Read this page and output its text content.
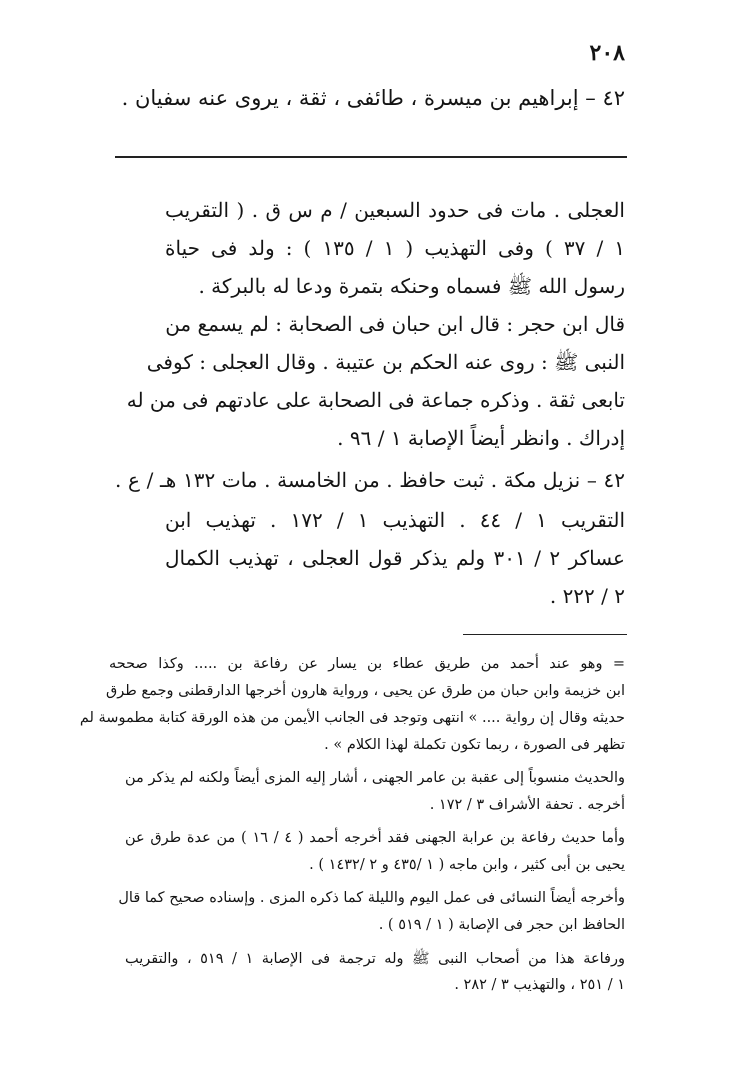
٢٠٨
٤٢ – إبراهيم بن ميسرة ، طائفى ، ثقة ، يروى عنه سفيان .
العجلى . مات فى حدود السبعين / م س ق . ( التقريب
١ / ٣٧ ) وفى التهذيب ( ١ / ١٣٥ ) : ولد فى حياة
رسول الله ﷺ فسماه وحنكه بتمرة ودعا له بالبركة .
قال ابن حجر : قال ابن حبان فى الصحابة : لم يسمع من
النبى ﷺ : روى عنه الحكم بن عتيبة . وقال العجلى : كوفى
تابعى ثقة . وذكره جماعة فى الصحابة على عادتهم فى من له
إدراك . وانظر أيضاً الإصابة ١ / ٩٦ .
٤٢ – نزيل مكة . ثبت حافظ . من الخامسة . مات ١٣٢ هـ / ع .
التقريب ١ / ٤٤ . التهذيب ١ / ١٧٢ . تهذيب ابن
عساكر ٢ / ٣٠١ ولم يذكر قول العجلى ، تهذيب الكمال
٢ / ٢٢٢ .
= وهو عند أحمد من طريق عطاء بن يسار عن رفاعة بن ..... وكذا صححه
ابن خزيمة وابن حبان من طرق عن يحيى ، ورواية هارون أخرجها الدارقطنى وجمع طرق
حديثه وقال إن رواية .... » انتهى وتوجد فى الجانب الأيمن من هذه الورقة كتابة مطموسة لم
تظهر فى الصورة ، ربما تكون تكملة لهذا الكلام » .
والحديث منسوباً إلى عقبة بن عامر الجهنى ، أشار إليه المزى أيضاً ولكنه لم يذكر من
أخرجه . تحفة الأشراف ٣ / ١٧٢ .
وأما حديث رفاعة بن عرابة الجهنى فقد أخرجه أحمد ( ٤ / ١٦ ) من عدة طرق عن
يحيى بن أبى كثير ، وابن ماجه ( ١ /٤٣٥ و ٢ /١٤٣٢ ) .
وأخرجه أيضاً النسائى فى عمل اليوم والليلة كما ذكره المزى . وإسناده صحيح كما قال
الحافظ ابن حجر فى الإصابة ( ١ / ٥١٩ ) .
ورفاعة هذا من أصحاب النبى ﷺ وله ترجمة فى الإصابة ١ / ٥١٩ ، والتقريب
١ / ٢٥١ ، والتهذيب ٣ / ٢٨٢ .
